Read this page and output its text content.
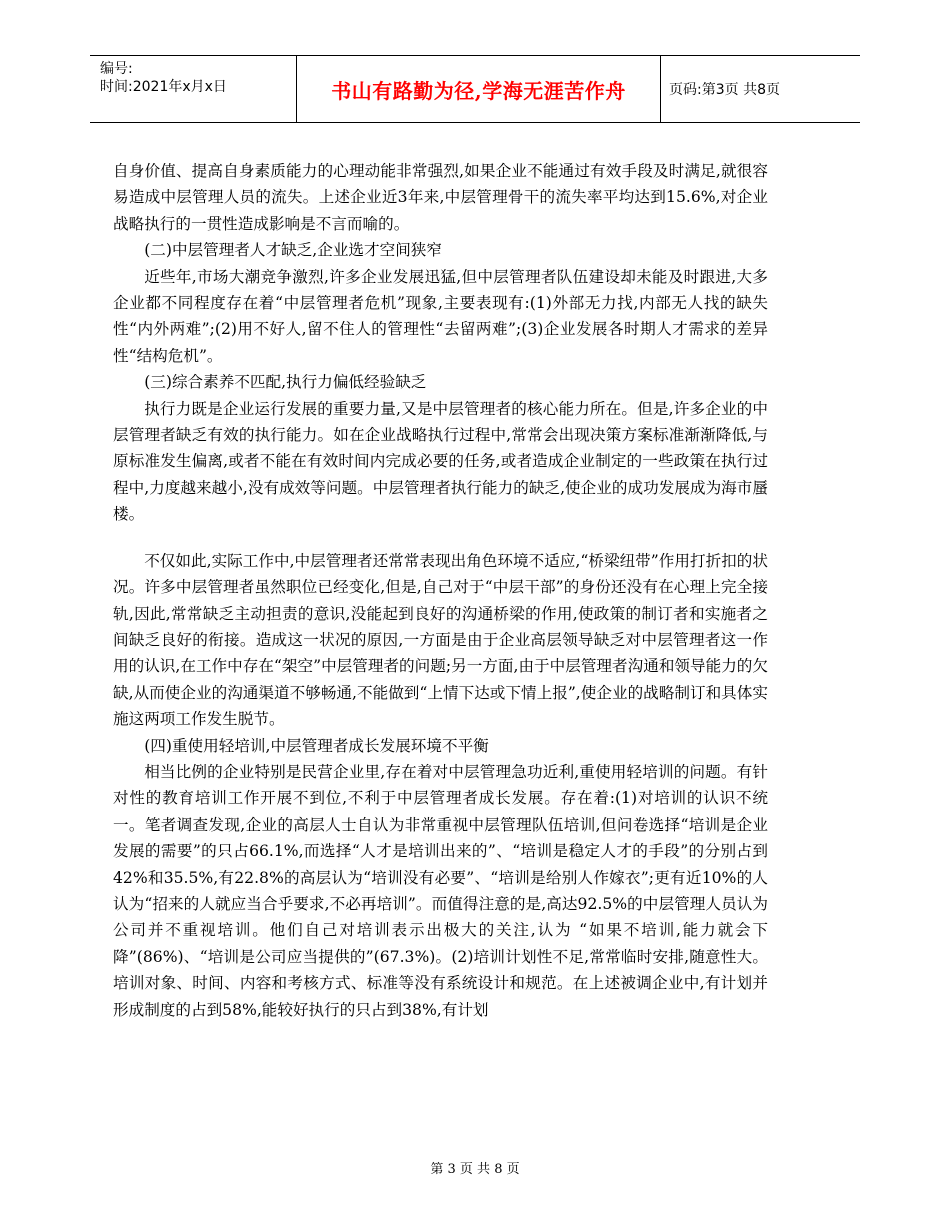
编号:
时间:2021年x月x日	书山有路勤为径,学海无涯苦作舟	页码:第3页 共8页

自身价值、提高自身素质能力的心理动能非常强烈,如果企业不能通过有效手段及时满足,就很容易造成中层管理人员的流失。上述企业近3年来,中层管理骨干的流失率平均达到15.6%,对企业战略执行的一贯性造成影响是不言而喻的。

(二)中层管理者人才缺乏,企业选才空间狭窄

近些年,市场大潮竞争激烈,许多企业发展迅猛,但中层管理者队伍建设却未能及时跟进,大多企业都不同程度存在着“中层管理者危机”现象,主要表现有:(1)外部无力找,内部无人找的缺失性“内外两难”;(2)用不好人,留不住人的管理性“去留两难”;(3)企业发展各时期人才需求的差异性“结构危机”。

(三)综合素养不匹配,执行力偏低经验缺乏

执行力既是企业运行发展的重要力量,又是中层管理者的核心能力所在。但是,许多企业的中层管理者缺乏有效的执行能力。如在企业战略执行过程中,常常会出现决策方案标准渐渐降低,与原标准发生偏离,或者不能在有效时间内完成必要的任务,或者造成企业制定的一些政策在执行过程中,力度越来越小,没有成效等问题。中层管理者执行能力的缺乏,使企业的成功发展成为海市蜃楼。

不仅如此,实际工作中,中层管理者还常常表现出角色环境不适应,“桥梁纽带”作用打折扣的状况。许多中层管理者虽然职位已经变化,但是,自己对于“中层干部”的身份还没有在心理上完全接轨,因此,常常缺乏主动担责的意识,没能起到良好的沟通桥梁的作用,使政策的制订者和实施者之间缺乏良好的衔接。造成这一状况的原因,一方面是由于企业高层领导缺乏对中层管理者这一作用的认识,在工作中存在“架空”中层管理者的问题;另一方面,由于中层管理者沟通和领导能力的欠缺,从而使企业的沟通渠道不够畅通,不能做到“上情下达或下情上报”,使企业的战略制订和具体实施这两项工作发生脱节。

(四)重使用轻培训,中层管理者成长发展环境不平衡

相当比例的企业特别是民营企业里,存在着对中层管理急功近利,重使用轻培训的问题。有针对性的教育培训工作开展不到位,不利于中层管理者成长发展。存在着:(1)对培训的认识不统一。笔者调查发现,企业的高层人士自认为非常重视中层管理队伍培训,但问卷选择“培训是企业发展的需要”的只占66.1%,而选择“人才是培训出来的”、“培训是稳定人才的手段”的分别占到42%和35.5%,有22.8%的高层认为“培训没有必要”、“培训是给别人作嫁衣”;更有近10%的人认为“招来的人就应当合乎要求,不必再培训”。而值得注意的是,高达92.5%的中层管理人员认为公司并不重视培训。他们自己对培训表示出极大的关注,认为 “如果不培训,能力就会下降”(86%)、“培训是公司应当提供的”(67.3%)。(2)培训计划性不足,常常临时安排,随意性大。培训对象、时间、内容和考核方式、标准等没有系统设计和规范。在上述被调企业中,有计划并形成制度的占到58%,能较好执行的只占到38%,有计划

第 3 页 共 8 页
